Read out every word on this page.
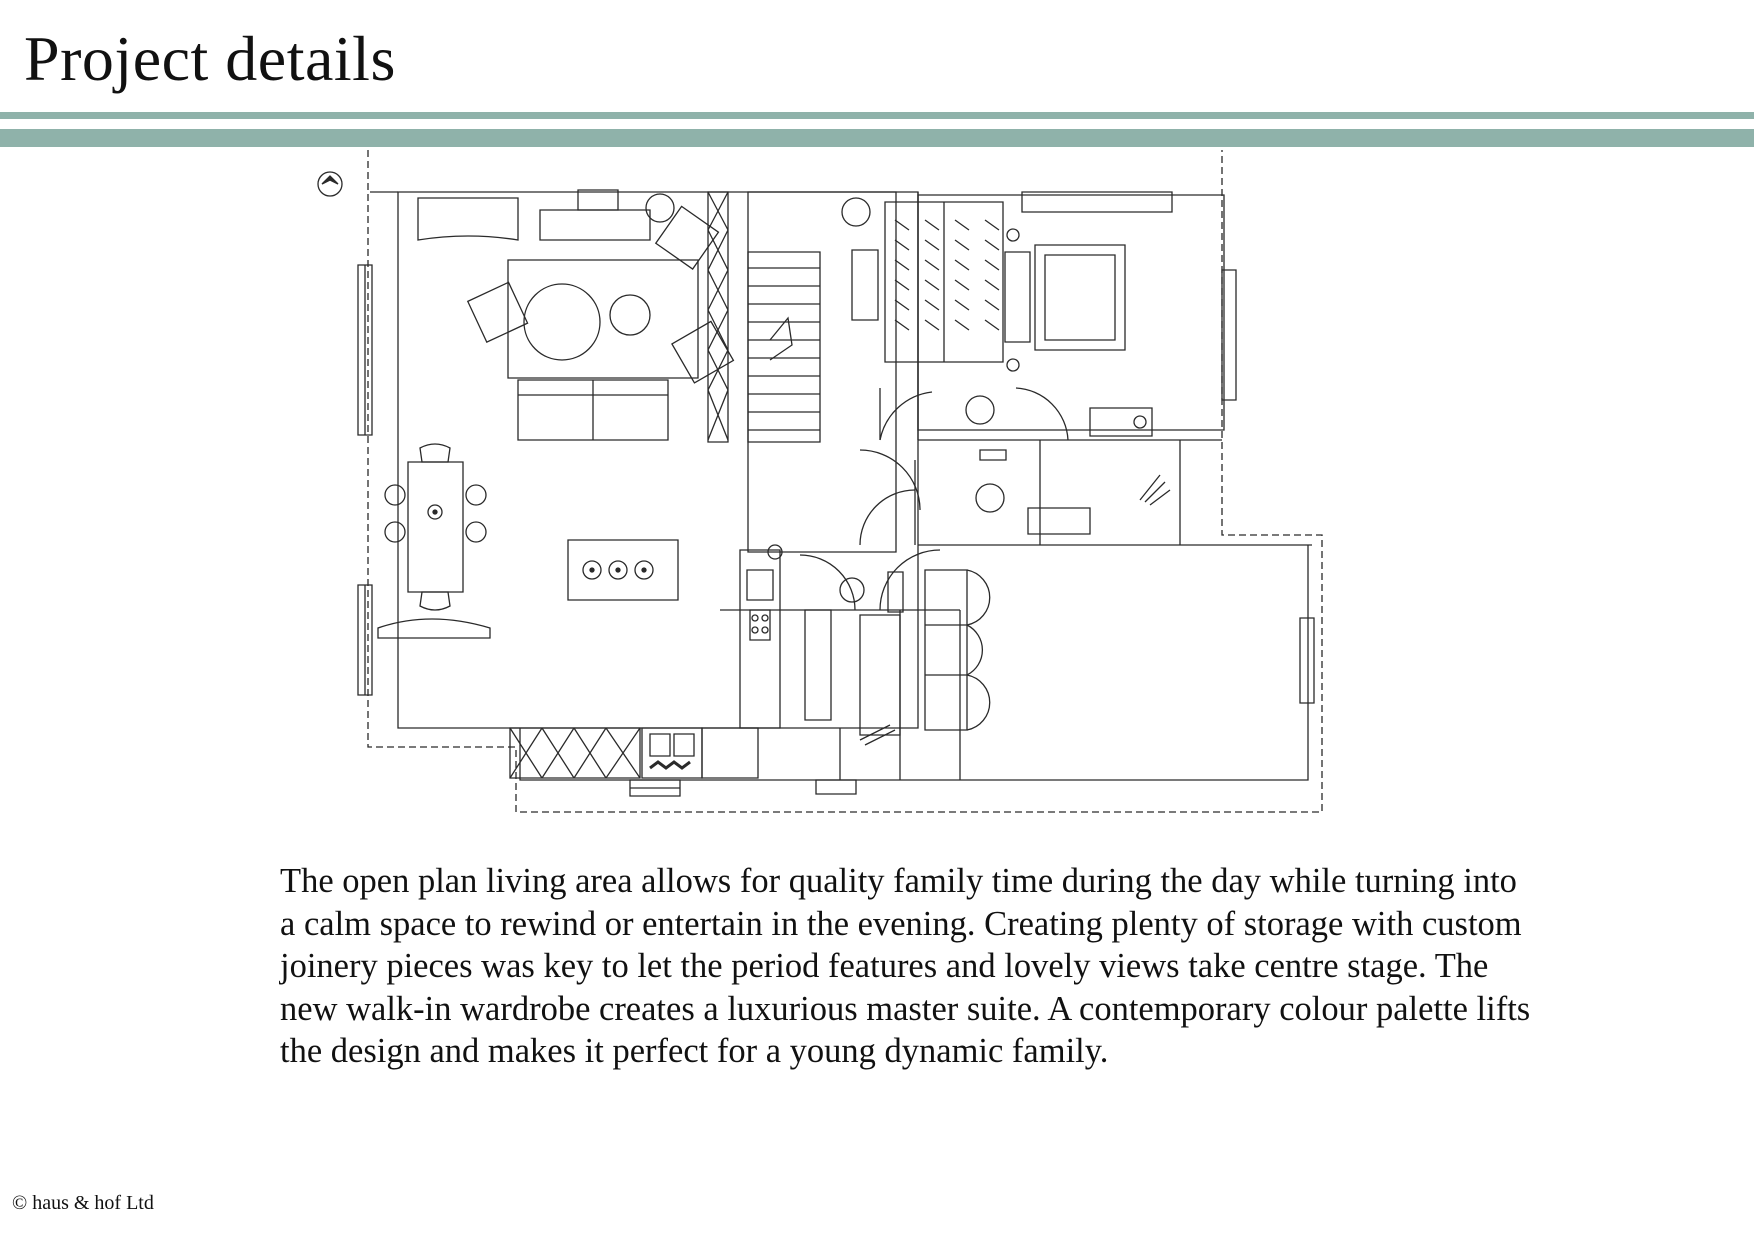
Project details

The open plan living area allows for quality family time during the day while turning into a calm space to rewind or entertain in the evening. Creating plenty of storage with custom joinery pieces was key to let the period features and lovely views take centre stage. The new walk-in wardrobe creates a luxurious master suite. A contemporary colour palette lifts the design and makes it perfect for a young dynamic family.

© haus & hof Ltd
